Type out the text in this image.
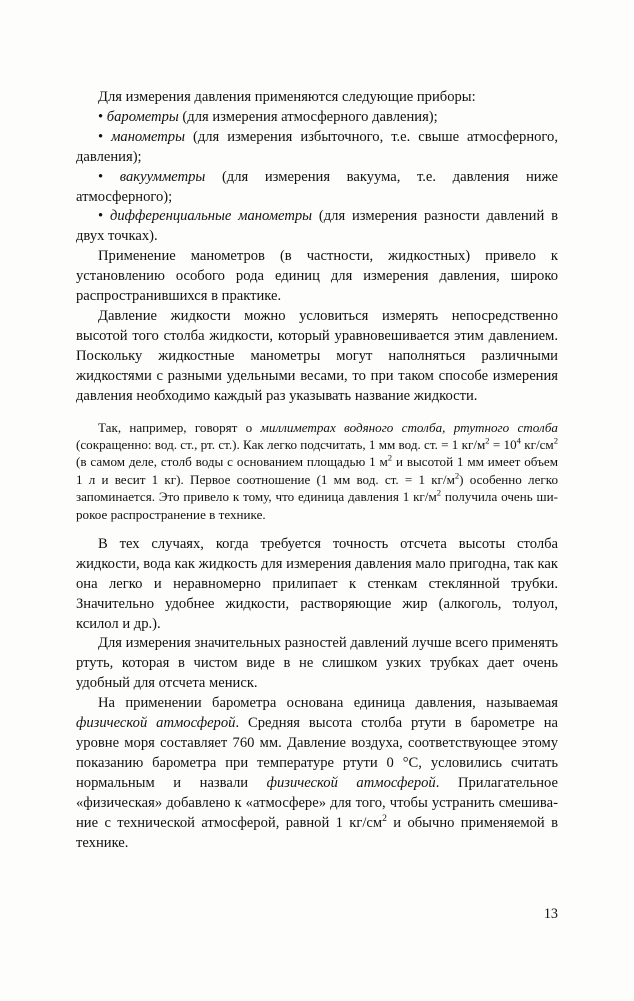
Для измерения давления применяются следующие приборы:

• барометры (для измерения атмосферного давления);

• манометры (для измерения избыточного, т.е. свыше атмосферного, давления);

• вакуумметры (для измерения вакуума, т.е. давления ниже атмосферного);

• дифференциальные манометры (для измерения разности давлений в двух точках).

Применение манометров (в частности, жидкостных) привело к установлению особого рода единиц для измерения давления, широко распространившихся в практике.

Давление жидкости можно условиться измерять непосредственно высотой того столба жидкости, который уравновешивается этим давлением. Поскольку жидкостные манометры могут наполняться различными жидкостями с разными удельными весами, то при таком способе измерения давления необходимо каждый раз указывать название жидкости.

Так, например, говорят о миллиметрах водяного столба, ртутного столба (сокращенно: вод. ст., рт. ст.). Как легко подсчитать, 1 мм вод. ст. = 1 $кг/м^2 = 10^4$ $кг/см^2$ (в самом деле, столб воды с основанием площадью 1 $м^2$ и высотой 1 мм имеет объем 1 л и весит 1 кг). Первое соотношение (1 мм вод. ст. = 1 $кг/м^2$) особенно легко запоминается. Это привело к тому, что единица давления 1 $кг/м^2$ получила очень широкое распространение в технике.

В тех случаях, когда требуется точность отсчета высоты столба жидкости, вода как жидкость для измерения давления мало пригодна, так как она легко и неравномерно прилипает к стенкам стеклянной трубки. Значительно удобнее жидкости, растворяющие жир (алкоголь, толуол, ксилол и др.).

Для измерения значительных разностей давлений лучше всего применять ртуть, которая в чистом виде в не слишком узких трубках дает очень удобный для отсчета мениск.

На применении барометра основана единица давления, называемая физической атмосферой. Средняя высота столба ртути в барометре на уровне моря составляет 760 мм. Давление воздуха, соответствующее этому показанию барометра при температуре ртути 0 °C, условились считать нормальным и назвали физической атмосферой. Прилагательное «физическая» добавлено к «атмосфере» для того, чтобы устранить смешивание с технической атмосферой, равной 1 $кг/см^2$ и обычно применяемой в технике.

13
